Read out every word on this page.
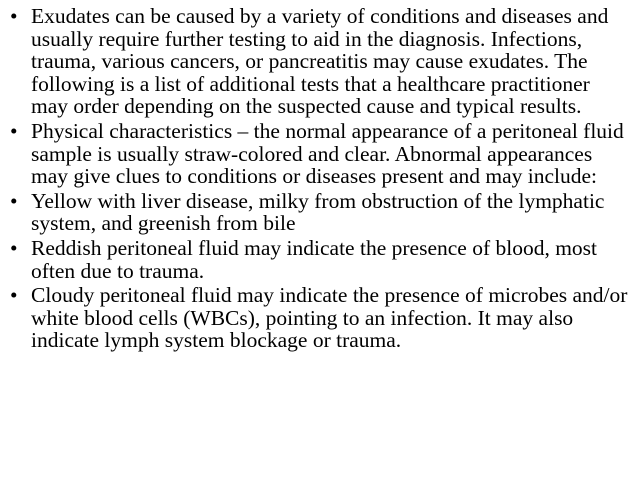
• Exudates can be caused by a variety of conditions and diseases and usually require further testing to aid in the diagnosis. Infections, trauma, various cancers, or pancreatitis may cause exudates. The following is a list of additional tests that a healthcare practitioner may order depending on the suspected cause and typical results.
• Physical characteristics – the normal appearance of a peritoneal fluid sample is usually straw-colored and clear. Abnormal appearances may give clues to conditions or diseases present and may include:
• Yellow with liver disease, milky from obstruction of the lymphatic system, and greenish from bile
• Reddish peritoneal fluid may indicate the presence of blood, most often due to trauma.
• Cloudy peritoneal fluid may indicate the presence of microbes and/or white blood cells (WBCs), pointing to an infection. It may also indicate lymph system blockage or trauma.
